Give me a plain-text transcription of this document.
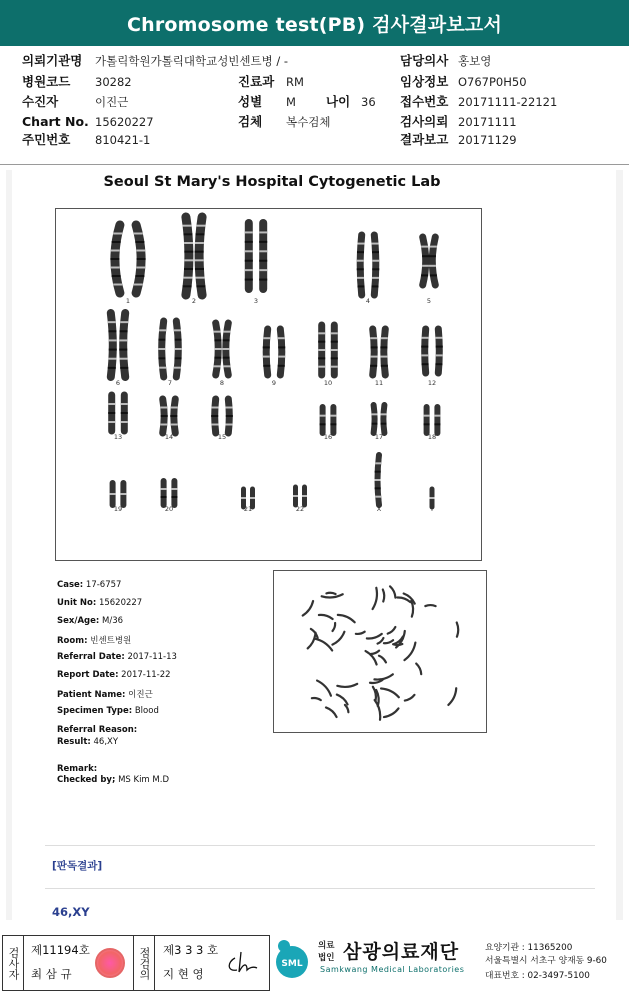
Chromosome test(PB) 검사결과보고서
의뢰기관명 가톨릭학원가톨릭대학교성빈센트병 / -	담당의사 홍보영
병원코드 30282	진료과 RM	임상정보 O767P0H50
수진자	이진근	성별 M 나이 36 접수번호 20171111-22121
Chart No. 15620227	검체 복수검체	검사의뢰 20171111
주민번호 810421-1	결과보고 20171129
Seoul St Mary's Hospital Cytogenetic Lab
1	2	3	4	5
6	7	8	9	10	11	12
13	14	15	16	17	18
19	20	21	22	X	Y
Case: 17-6757
Unit No: 15620227
Sex/Age: M/36
Room: 빈센트병원
Referral Date: 2017-11-13
Report Date: 2017-11-22
Patient Name: 이진근
Specimen Type: Blood
Referral Reason:
Result: 46,XY
Remark:
Checked by; MS Kim M.D
[판독결과]
46,XY
검사자 제11194호
최 삼 규	점검의 제3 3 3 호
지 현 영
SML
의료
법인 삼광의료재단
Samkwang Medical Laboratories
요양기관 : 11365200
서울특별시 서초구 양재동 9-60
대표번호 : 02-3497-5100
